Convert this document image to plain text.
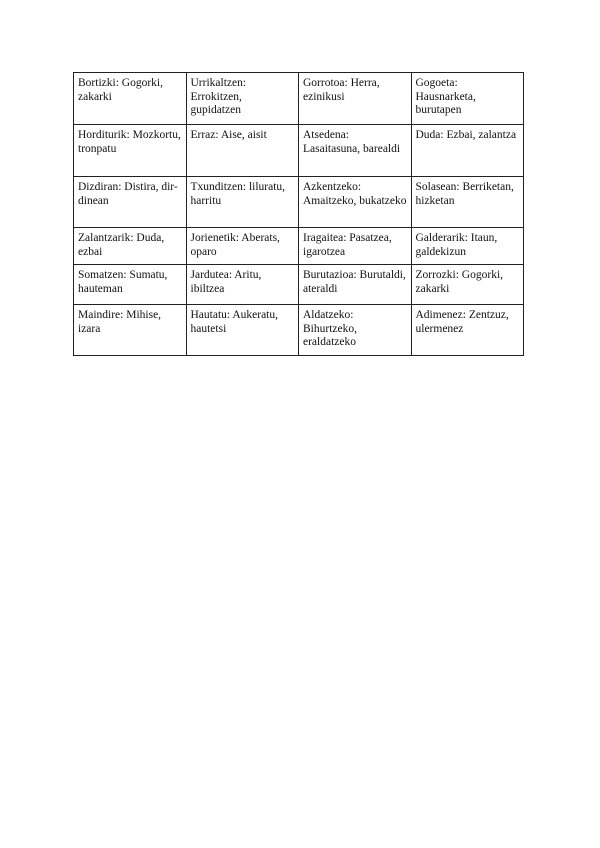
Bortizki: Gogorki, zakarki	Urrikaltzen: Errokitzen, gupidatzen	Gorrotoa: Herra, ezinikusi	Gogoeta: Hausnarketa, burutapen
Horditurik: Mozkortu, tronpatu	Erraz: Aise, aisit	Atsedena: Lasaitasuna, barealdi	Duda: Ezbai, zalantza
Dizdiran: Distira, dir-dinean	Txunditzen: liluratu, harritu	Azkentzeko: Amaitzeko, bukatzeko	Solasean: Berriketan, hizketan
Zalantzarik: Duda, ezbai	Jorienetik: Aberats, oparo	Iragaitea: Pasatzea, igarotzea	Galderarik: Itaun, galdekizun
Somatzen: Sumatu, hauteman	Jardutea: Aritu, ibiltzea	Burutazioa: Burutaldi, ateraldi	Zorrozki: Gogorki, zakarki
Maindire: Mihise, izara	Hautatu: Aukeratu, hautetsi	Aldatzeko: Bihurtzeko, eraldatzeko	Adimenez: Zentzuz, ulermenez
